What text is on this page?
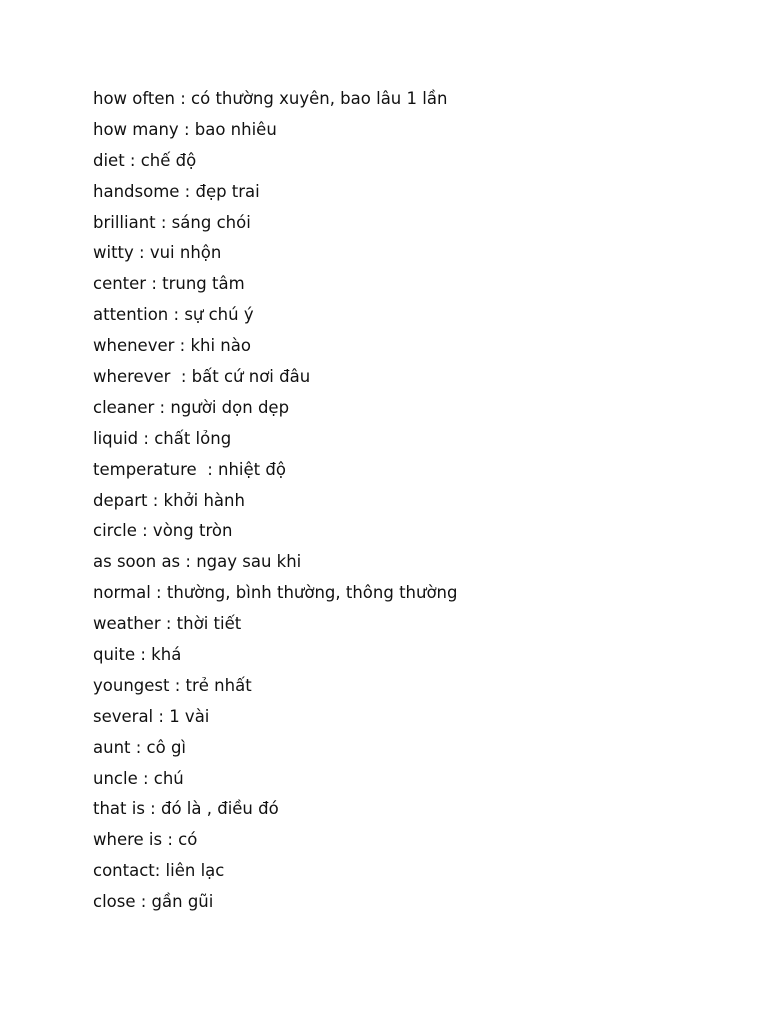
how often : có thường xuyên, bao lâu 1 lần
how many : bao nhiêu
diet : chế độ
handsome : đẹp trai
brilliant : sáng chói
witty : vui nhộn
center : trung tâm
attention : sự chú ý
whenever : khi nào
wherever  : bất cứ nơi đâu
cleaner : người dọn dẹp
liquid : chất lỏng
temperature  : nhiệt độ
depart : khởi hành
circle : vòng tròn
as soon as : ngay sau khi
normal : thường, bình thường, thông thường
weather : thời tiết
quite : khá
youngest : trẻ nhất
several : 1 vài
aunt : cô gì
uncle : chú
that is : đó là , điều đó
where is : có
contact: liên lạc
close : gần gũi
